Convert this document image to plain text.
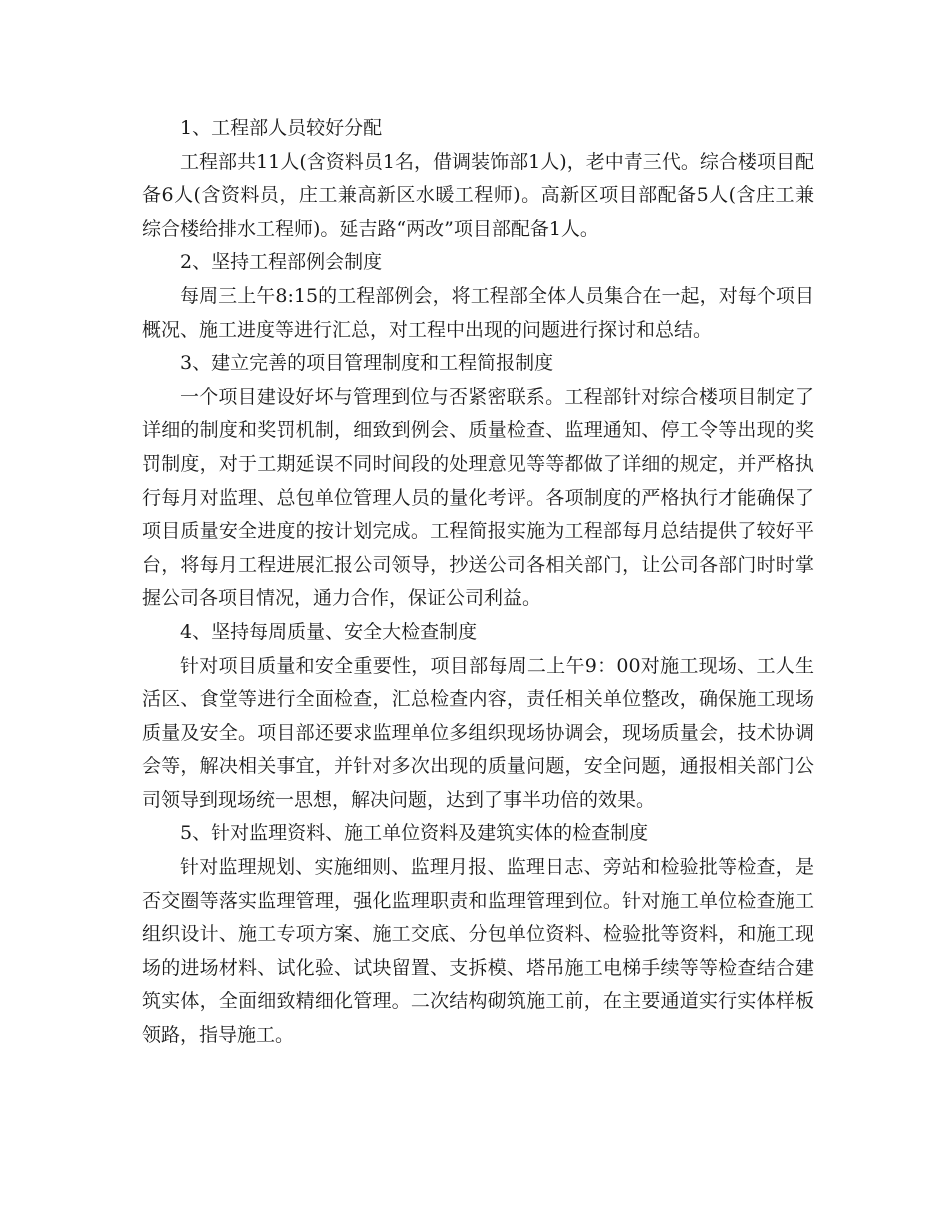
1、工程部人员较好分配

工程部共11人(含资料员1名，借调装饰部1人)，老中青三代。综合楼项目配备6人(含资料员，庄工兼高新区水暖工程师)。高新区项目部配备5人(含庄工兼综合楼给排水工程师)。延吉路“两改”项目部配备1人。

2、坚持工程部例会制度

每周三上午8:15的工程部例会，将工程部全体人员集合在一起，对每个项目概况、施工进度等进行汇总，对工程中出现的问题进行探讨和总结。

3、建立完善的项目管理制度和工程简报制度

一个项目建设好坏与管理到位与否紧密联系。工程部针对综合楼项目制定了详细的制度和奖罚机制，细致到例会、质量检查、监理通知、停工令等出现的奖罚制度，对于工期延误不同时间段的处理意见等等都做了详细的规定，并严格执行每月对监理、总包单位管理人员的量化考评。各项制度的严格执行才能确保了项目质量安全进度的按计划完成。工程简报实施为工程部每月总结提供了较好平台，将每月工程进展汇报公司领导，抄送公司各相关部门，让公司各部门时时掌握公司各项目情况，通力合作，保证公司利益。

4、坚持每周质量、安全大检查制度

针对项目质量和安全重要性，项目部每周二上午9：00对施工现场、工人生活区、食堂等进行全面检查，汇总检查内容，责任相关单位整改，确保施工现场质量及安全。项目部还要求监理单位多组织现场协调会，现场质量会，技术协调会等，解决相关事宜，并针对多次出现的质量问题，安全问题，通报相关部门公司领导到现场统一思想，解决问题，达到了事半功倍的效果。

5、针对监理资料、施工单位资料及建筑实体的检查制度

针对监理规划、实施细则、监理月报、监理日志、旁站和检验批等检查，是否交圈等落实监理管理，强化监理职责和监理管理到位。针对施工单位检查施工组织设计、施工专项方案、施工交底、分包单位资料、检验批等资料，和施工现场的进场材料、试化验、试块留置、支拆模、塔吊施工电梯手续等等检查结合建筑实体，全面细致精细化管理。二次结构砌筑施工前，在主要通道实行实体样板领路，指导施工。
